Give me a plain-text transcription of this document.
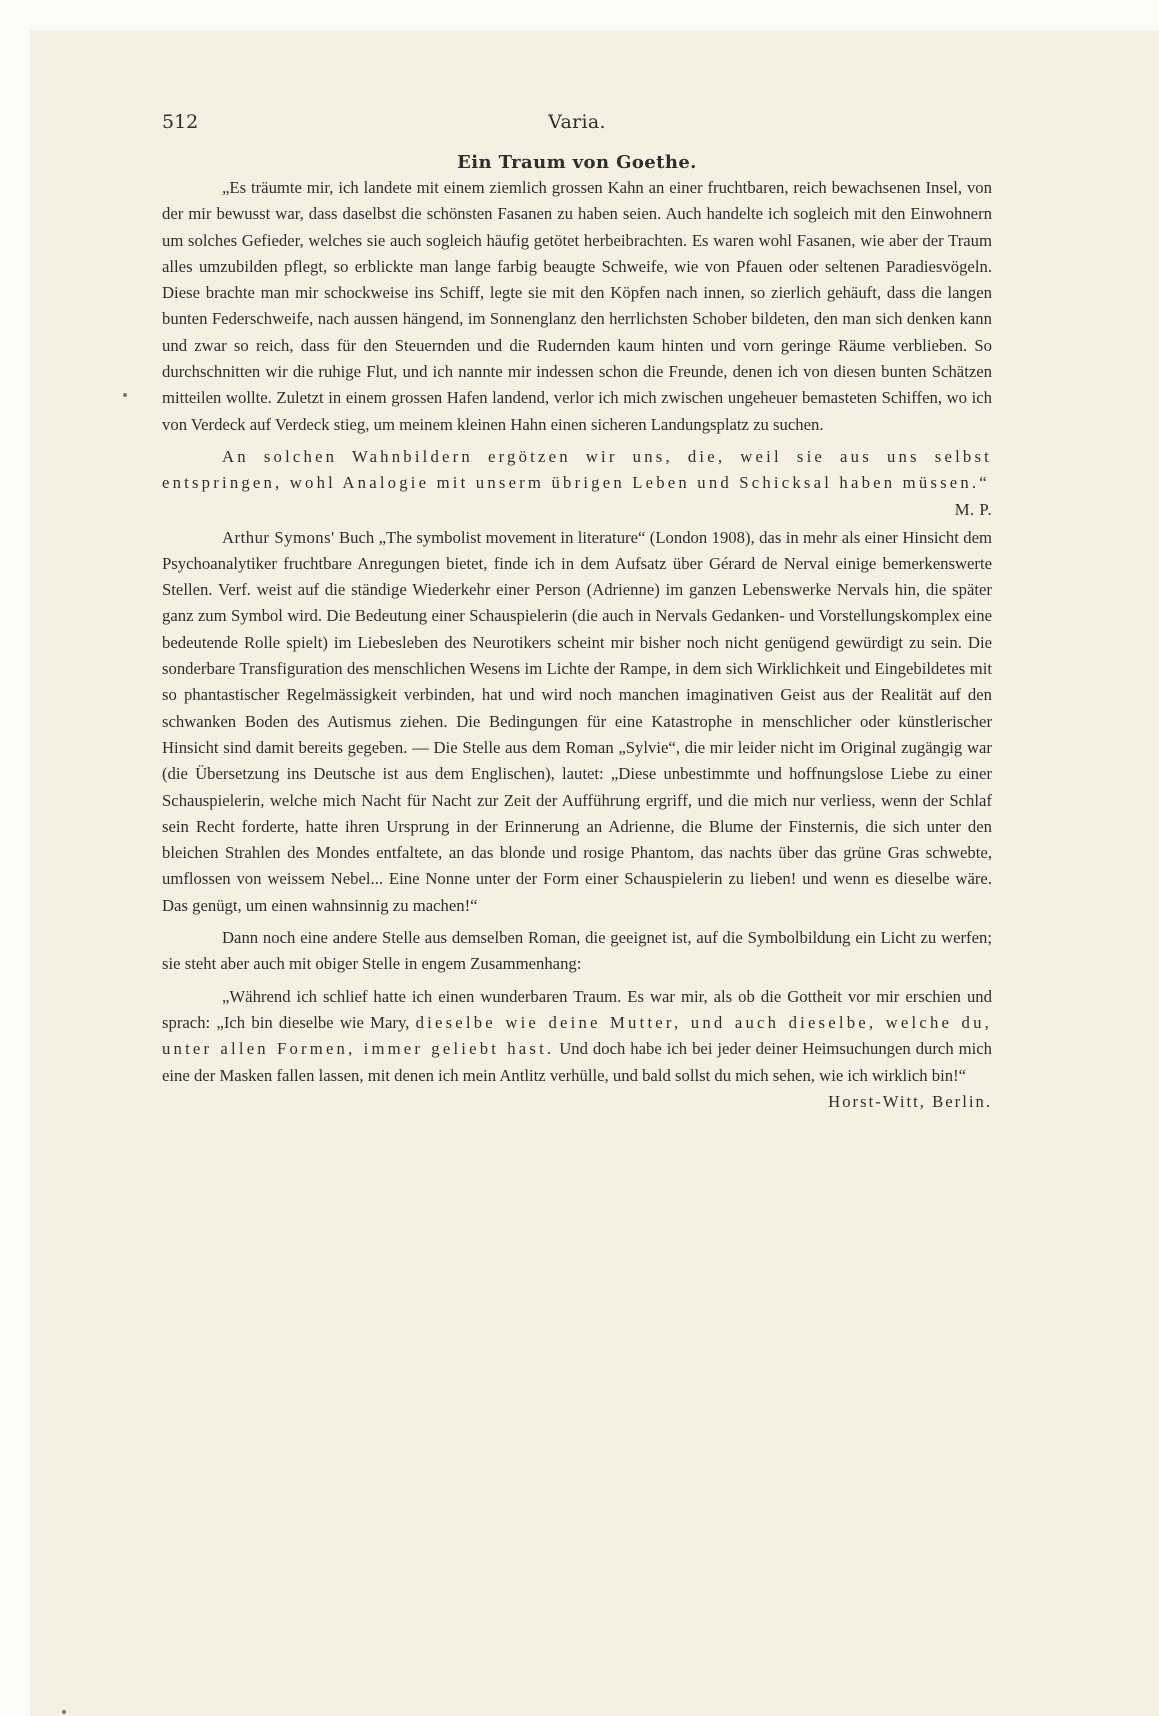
512	Varia.
Ein Traum von Goethe.

„Es träumte mir, ich landete mit einem ziemlich grossen Kahn an einer fruchtbaren, reich bewachsenen Insel, von der mir bewusst war, dass daselbst die schönsten Fasanen zu haben seien. Auch handelte ich sogleich mit den Einwohnern um solches Gefieder, welches sie auch sogleich häufig getötet herbeibrachten. Es waren wohl Fasanen, wie aber der Traum alles umzubilden pflegt, so erblickte man lange farbig beaugte Schweife, wie von Pfauen oder seltenen Paradiesvögeln. Diese brachte man mir schockweise ins Schiff, legte sie mit den Köpfen nach innen, so zierlich gehäuft, dass die langen bunten Federschweife, nach aussen hängend, im Sonnenglanz den herrlichsten Schober bildeten, den man sich denken kann und zwar so reich, dass für den Steuernden und die Rudernden kaum hinten und vorn geringe Räume verblieben. So durchschnitten wir die ruhige Flut, und ich nannte mir indessen schon die Freunde, denen ich von diesen bunten Schätzen mitteilen wollte. Zuletzt in einem grossen Hafen landend, verlor ich mich zwischen ungeheuer bemasteten Schiffen, wo ich von Verdeck auf Verdeck stieg, um meinem kleinen Hahn einen sicheren Landungsplatz zu suchen.

An solchen Wahnbildern ergötzen wir uns, die, weil sie aus uns selbst entspringen, wohl Analogie mit unserm übrigen Leben und Schicksal haben müssen.“
M. P.

Arthur Symons' Buch „The symbolist movement in literature“ (London 1908), das in mehr als einer Hinsicht dem Psychoanalytiker fruchtbare Anregungen bietet, finde ich in dem Aufsatz über Gérard de Nerval einige bemerkenswerte Stellen. Verf. weist auf die ständige Wiederkehr einer Person (Adrienne) im ganzen Lebenswerke Nervals hin, die später ganz zum Symbol wird. Die Bedeutung einer Schauspielerin (die auch in Nervals Gedanken- und Vorstellungskomplex eine bedeutende Rolle spielt) im Liebesleben des Neurotikers scheint mir bisher noch nicht genügend gewürdigt zu sein. Die sonderbare Transfiguration des menschlichen Wesens im Lichte der Rampe, in dem sich Wirklichkeit und Eingebildetes mit so phantastischer Regelmässigkeit verbinden, hat und wird noch manchen imaginativen Geist aus der Realität auf den schwanken Boden des Autismus ziehen. Die Bedingungen für eine Katastrophe in menschlicher oder künstlerischer Hinsicht sind damit bereits gegeben. — Die Stelle aus dem Roman „Sylvie“, die mir leider nicht im Original zugängig war (die Übersetzung ins Deutsche ist aus dem Englischen), lautet: „Diese unbestimmte und hoffnungslose Liebe zu einer Schauspielerin, welche mich Nacht für Nacht zur Zeit der Aufführung ergriff, und die mich nur verliess, wenn der Schlaf sein Recht forderte, hatte ihren Ursprung in der Erinnerung an Adrienne, die Blume der Finsternis, die sich unter den bleichen Strahlen des Mondes entfaltete, an das blonde und rosige Phantom, das nachts über das grüne Gras schwebte, umflossen von weissem Nebel... Eine Nonne unter der Form einer Schauspielerin zu lieben! und wenn es dieselbe wäre. Das genügt, um einen wahnsinnig zu machen!“

Dann noch eine andere Stelle aus demselben Roman, die geeignet ist, auf die Symbolbildung ein Licht zu werfen; sie steht aber auch mit obiger Stelle in engem Zusammenhang:

„Während ich schlief hatte ich einen wunderbaren Traum. Es war mir, als ob die Gottheit vor mir erschien und sprach: „Ich bin dieselbe wie Mary, dieselbe wie deine Mutter, und auch dieselbe, welche du, unter allen Formen, immer geliebt hast. Und doch habe ich bei jeder deiner Heimsuchungen durch mich eine der Masken fallen lassen, mit denen ich mein Antlitz verhülle, und bald sollst du mich sehen, wie ich wirklich bin!“
Horst-Witt, Berlin.
